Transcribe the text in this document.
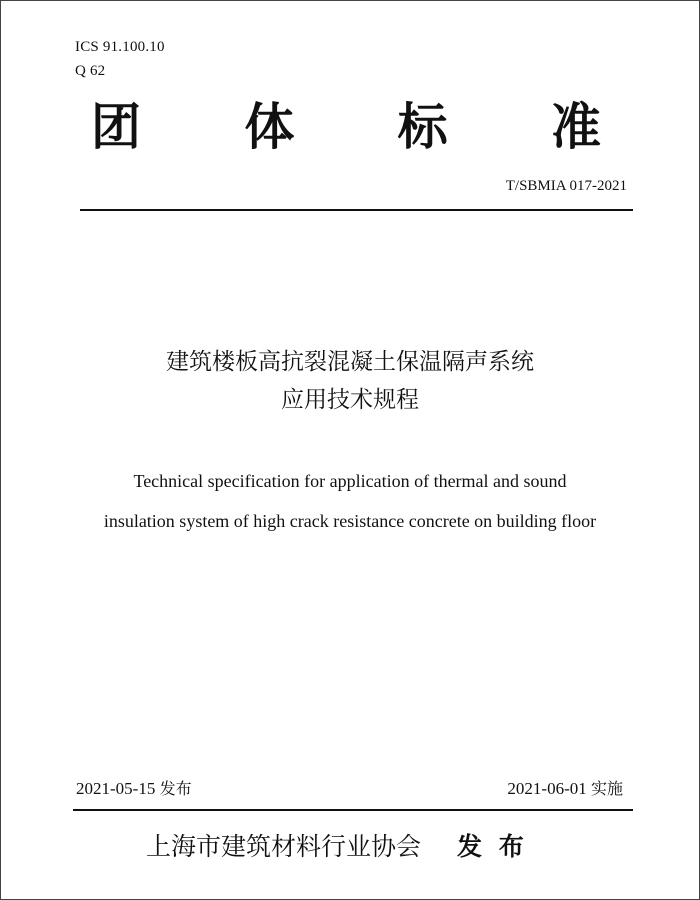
ICS 91.100.10
Q 62
团 体 标 准
T/SBMIA 017-2021
建筑楼板高抗裂混凝土保温隔声系统
应用技术规程
Technical specification for application of thermal and sound
insulation system of high crack resistance concrete on building floor
2021-05-15 发布	2021-06-01 实施
上海市建筑材料行业协会 发 布
